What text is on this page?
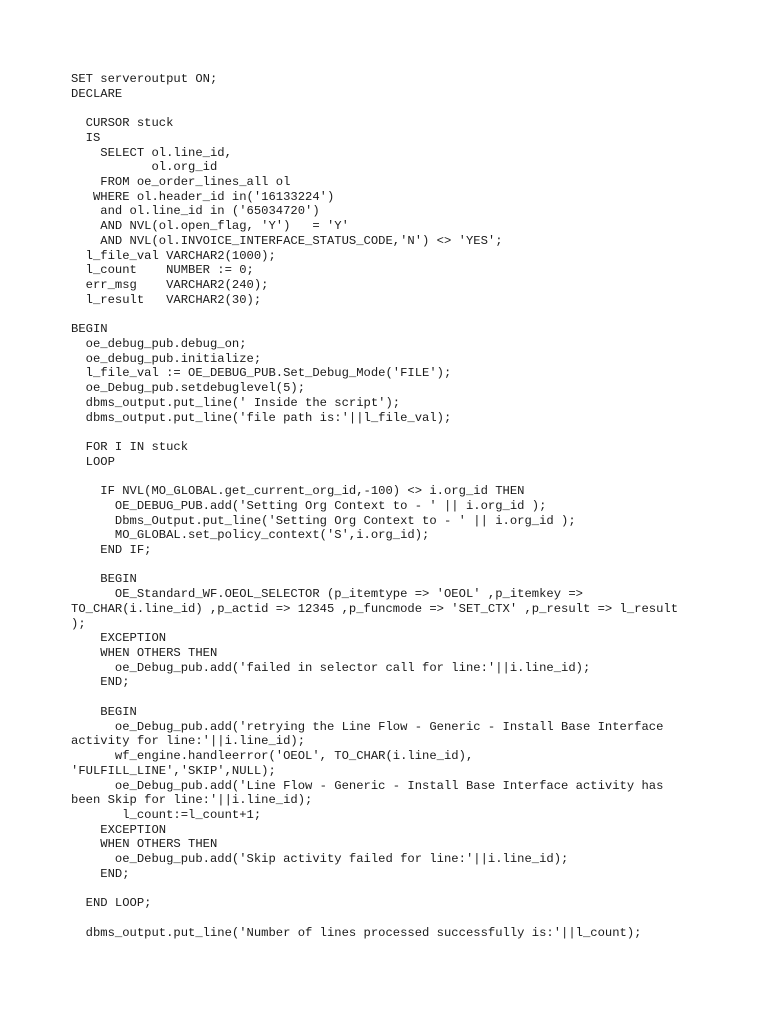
SET serveroutput ON;
DECLARE
CURSOR stuck
IS
SELECT ol.line_id,
ol.org_id
FROM oe_order_lines_all ol
WHERE ol.header_id in('16133224')
and ol.line_id in ('65034720')
AND NVL(ol.open_flag, 'Y')   = 'Y'
AND NVL(ol.INVOICE_INTERFACE_STATUS_CODE,'N') <> 'YES';
l_file_val VARCHAR2(1000);
l_count    NUMBER := 0;
err_msg    VARCHAR2(240);
l_result   VARCHAR2(30);
BEGIN
oe_debug_pub.debug_on;
oe_debug_pub.initialize;
l_file_val := OE_DEBUG_PUB.Set_Debug_Mode('FILE');
oe_Debug_pub.setdebuglevel(5);
dbms_output.put_line(' Inside the script');
dbms_output.put_line('file path is:'||l_file_val);
FOR I IN stuck
LOOP
IF NVL(MO_GLOBAL.get_current_org_id,-100) <> i.org_id THEN
OE_DEBUG_PUB.add('Setting Org Context to - ' || i.org_id );
Dbms_Output.put_line('Setting Org Context to - ' || i.org_id );
MO_GLOBAL.set_policy_context('S',i.org_id);
END IF;
BEGIN
OE_Standard_WF.OEOL_SELECTOR (p_itemtype => 'OEOL' ,p_itemkey =>
TO_CHAR(i.line_id) ,p_actid => 12345 ,p_funcmode => 'SET_CTX' ,p_result => l_result
);
EXCEPTION
WHEN OTHERS THEN
oe_Debug_pub.add('failed in selector call for line:'||i.line_id);
END;
BEGIN
oe_Debug_pub.add('retrying the Line Flow - Generic - Install Base Interface
activity for line:'||i.line_id);
wf_engine.handleerror('OEOL', TO_CHAR(i.line_id),
'FULFILL_LINE','SKIP',NULL);
oe_Debug_pub.add('Line Flow - Generic - Install Base Interface activity has
been Skip for line:'||i.line_id);
l_count:=l_count+1;
EXCEPTION
WHEN OTHERS THEN
oe_Debug_pub.add('Skip activity failed for line:'||i.line_id);
END;
END LOOP;
dbms_output.put_line('Number of lines processed successfully is:'||l_count);
